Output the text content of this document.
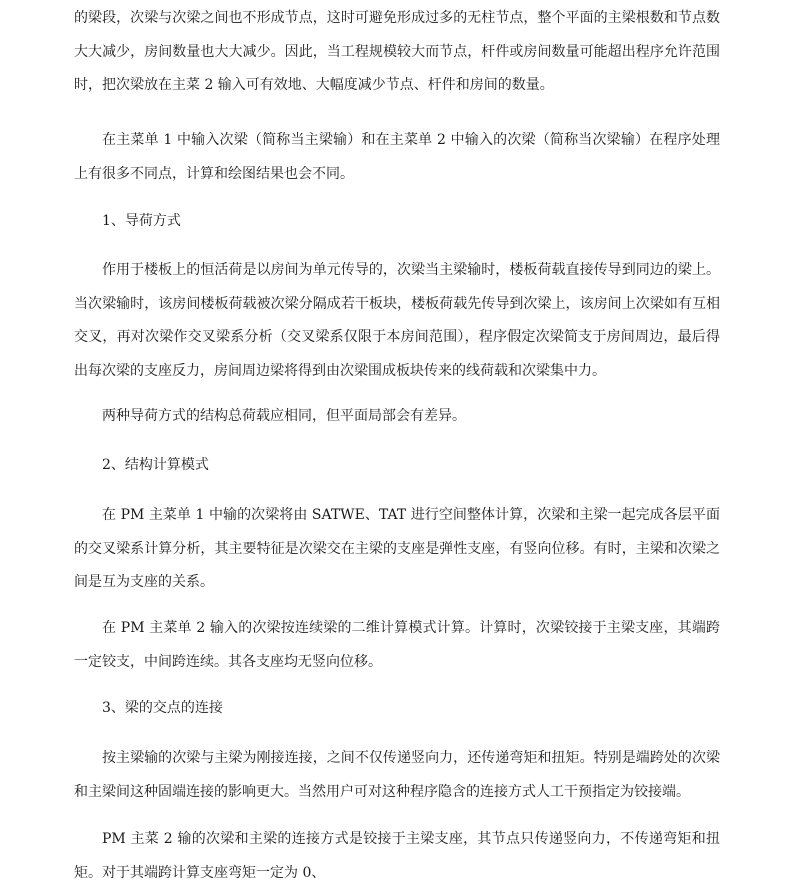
的梁段，次梁与次梁之间也不形成节点，这时可避免形成过多的无柱节点，整个平面的主梁根数和节点数大大减少，房间数量也大大减少。因此，当工程规模较大而节点，杆件或房间数量可能超出程序允许范围时，把次梁放在主菜 2 输入可有效地、大幅度减少节点、杆件和房间的数量。

在主菜单 1 中输入次梁（简称当主梁输）和在主菜单 2 中输入的次梁（简称当次梁输）在程序处理上有很多不同点，计算和绘图结果也会不同。

1、导荷方式

作用于楼板上的恒活荷是以房间为单元传导的，次梁当主梁输时，楼板荷载直接传导到同边的梁上。当次梁输时，该房间楼板荷载被次梁分隔成若干板块，楼板荷载先传导到次梁上，该房间上次梁如有互相交叉，再对次梁作交叉梁系分析（交叉梁系仅限于本房间范围），程序假定次梁简支于房间周边，最后得出每次梁的支座反力，房间周边梁将得到由次梁围成板块传来的线荷载和次梁集中力。

两种导荷方式的结构总荷载应相同，但平面局部会有差异。

2、结构计算模式

在 PM 主菜单 1 中输的次梁将由 SATWE、TAT 进行空间整体计算，次梁和主梁一起完成各层平面的交叉梁系计算分析，其主要特征是次梁交在主梁的支座是弹性支座，有竖向位移。有时，主梁和次梁之间是互为支座的关系。

在 PM 主菜单 2 输入的次梁按连续梁的二维计算模式计算。计算时，次梁铰接于主梁支座，其端跨一定铰支，中间跨连续。其各支座均无竖向位移。

3、梁的交点的连接

按主梁输的次梁与主梁为刚接连接，之间不仅传递竖向力，还传递弯矩和扭矩。特别是端跨处的次梁和主梁间这种固端连接的影响更大。当然用户可对这种程序隐含的连接方式人工干预指定为铰接端。

PM 主菜 2 输的次梁和主梁的连接方式是铰接于主梁支座，其节点只传递竖向力，不传递弯矩和扭矩。对于其端跨计算支座弯矩一定为 0、
